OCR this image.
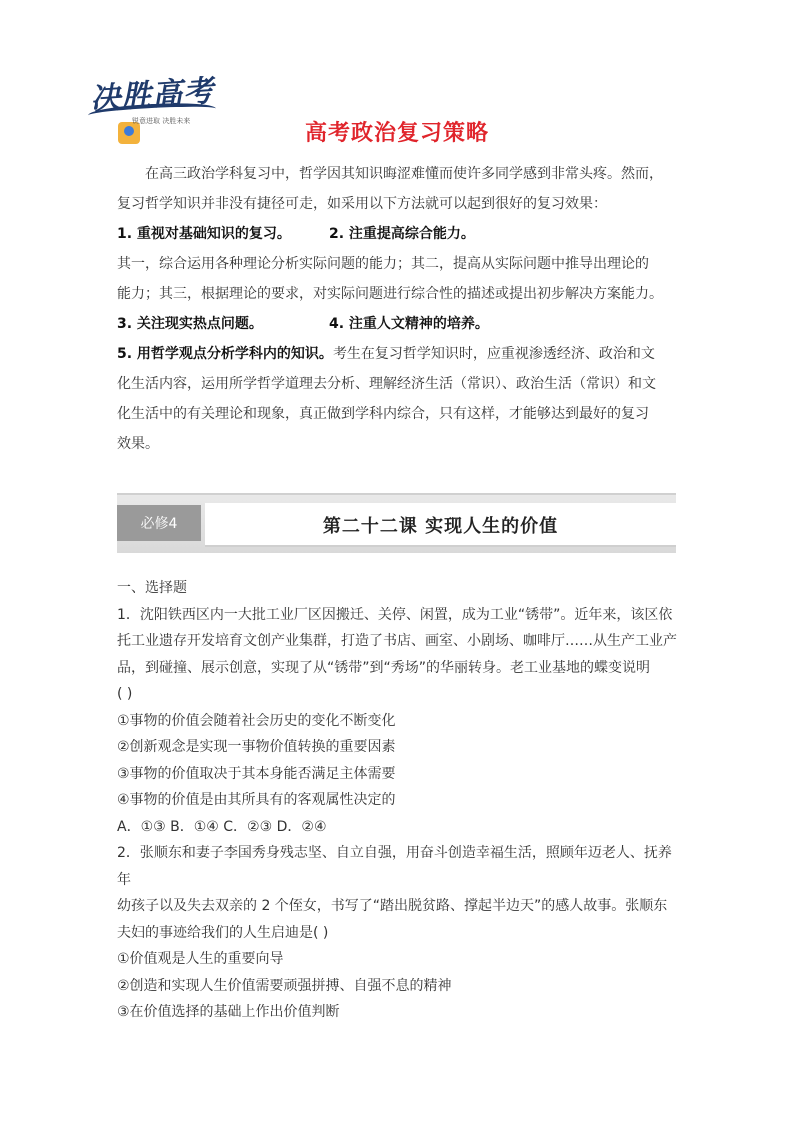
决胜高考
锐意进取 决胜未来	高考政治复习策略

在高三政治学科复习中，哲学因其知识晦涩难懂而使许多同学感到非常头疼。然而，

复习哲学知识并非没有捷径可走，如采用以下方法就可以起到很好的复习效果：

1. 重视对基础知识的复习。	2. 注重提高综合能力。

其一，综合运用各种理论分析实际问题的能力；其二，提高从实际问题中推导出理论的

能力；其三，根据理论的要求，对实际问题进行综合性的描述或提出初步解决方案能力。

3. 关注现实热点问题。	4. 注重人文精神的培养。

5. 用哲学观点分析学科内的知识。考生在复习哲学知识时，应重视渗透经济、政治和文

化生活内容，运用所学哲学道理去分析、理解经济生活（常识）、政治生活（常识）和文

化生活中的有关理论和现象，真正做到学科内综合，只有这样，才能够达到最好的复习

效果。

必修4	第二十二课 实现人生的价值

一、选择题

1．沈阳铁西区内一大批工业厂区因搬迁、关停、闲置，成为工业“锈带”。近年来，该区依

托工业遗存开发培育文创产业集群，打造了书店、画室、小剧场、咖啡厅……从生产工业产

品，到碰撞、展示创意，实现了从“锈带”到“秀场”的华丽转身。老工业基地的蝶变说明

( )

①事物的价值会随着社会历史的变化不断变化

②创新观念是实现一事物价值转换的重要因素

③事物的价值取决于其本身能否满足主体需要

④事物的价值是由其所具有的客观属性决定的

A．①③ B．①④ C．②③ D．②④

2．张顺东和妻子李国秀身残志坚、自立自强，用奋斗创造幸福生活，照顾年迈老人、抚养年

幼孩子以及失去双亲的 2 个侄女，书写了“踏出脱贫路、撑起半边天”的感人故事。张顺东

夫妇的事迹给我们的人生启迪是( )

①价值观是人生的重要向导

②创造和实现人生价值需要顽强拼搏、自强不息的精神

③在价值选择的基础上作出价值判断
